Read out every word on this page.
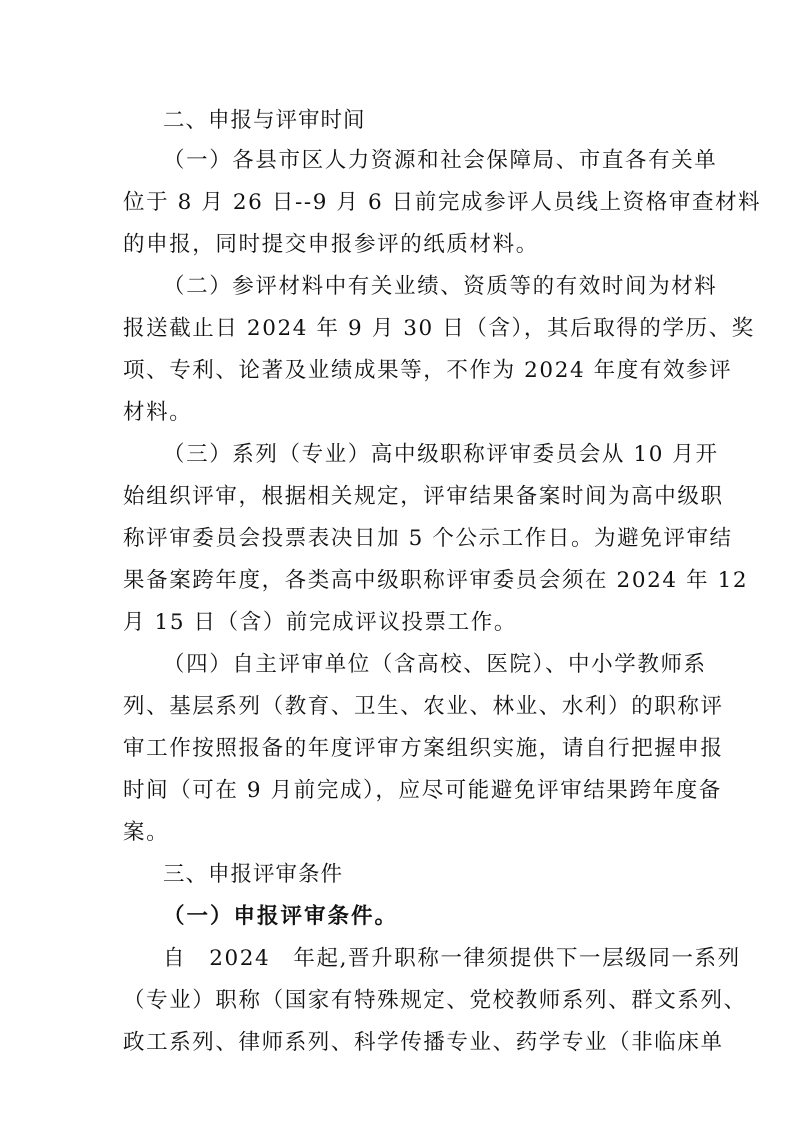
二、申报与评审时间
（一）各县市区人力资源和社会保障局、市直各有关单
位于 8 月 26 日--9 月 6 日前完成参评人员线上资格审查材料
的申报，同时提交申报参评的纸质材料。
（二）参评材料中有关业绩、资质等的有效时间为材料
报送截止日 2024 年 9 月 30 日（含），其后取得的学历、奖
项、专利、论著及业绩成果等，不作为 2024 年度有效参评
材料。
（三）系列（专业）高中级职称评审委员会从 10 月开
始组织评审，根据相关规定，评审结果备案时间为高中级职
称评审委员会投票表决日加 5 个公示工作日。为避免评审结
果备案跨年度，各类高中级职称评审委员会须在 2024 年 12
月 15 日（含）前完成评议投票工作。
（四）自主评审单位（含高校、医院）、中小学教师系
列、基层系列（教育、卫生、农业、林业、水利）的职称评
审工作按照报备的年度评审方案组织实施，请自行把握申报
时间（可在 9 月前完成），应尽可能避免评审结果跨年度备
案。
三、申报评审条件
（一）申报评审条件。
自　2024　年起,晋升职称一律须提供下一层级同一系列
（专业）职称（国家有特殊规定、党校教师系列、群文系列、
政工系列、律师系列、科学传播专业、药学专业（非临床单
